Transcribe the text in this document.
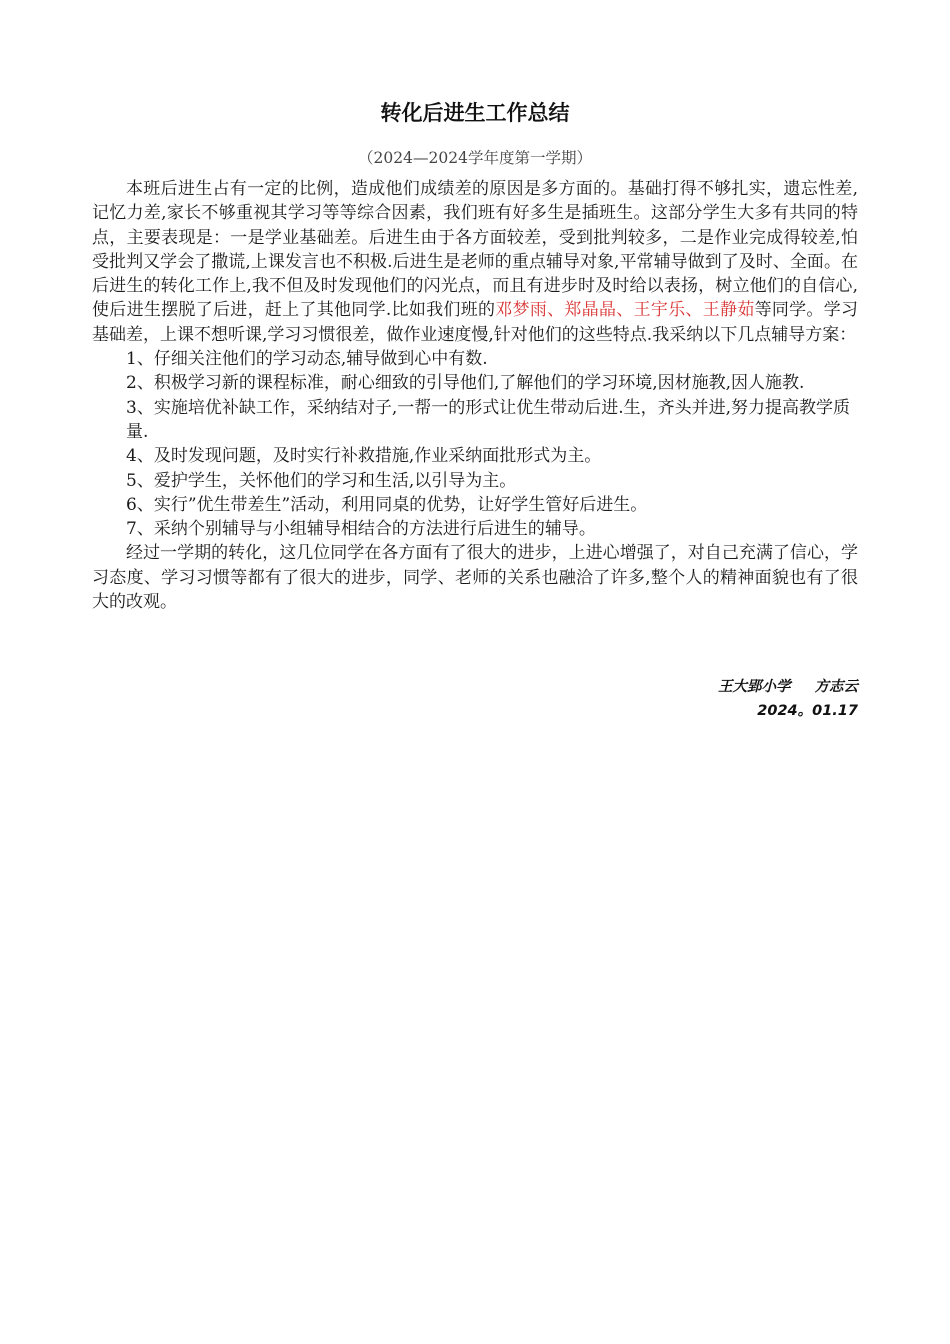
转化后进生工作总结
（2024—2024学年度第一学期）

本班后进生占有一定的比例，造成他们成绩差的原因是多方面的。基础打得不够扎实，遗忘性差,记忆力差,家长不够重视其学习等等综合因素，我们班有好多生是插班生。这部分学生大多有共同的特点，主要表现是：一是学业基础差。后进生由于各方面较差，受到批判较多，二是作业完成得较差,怕受批判又学会了撒谎,上课发言也不积极.后进生是老师的重点辅导对象,平常辅导做到了及时、全面。在后进生的转化工作上,我不但及时发现他们的闪光点，而且有进步时及时给以表扬，树立他们的自信心,使后进生摆脱了后进，赶上了其他同学.比如我们班的邓梦雨、郑晶晶、王宇乐、王静茹等同学。学习基础差，上课不想听课,学习习惯很差，做作业速度慢,针对他们的这些特点.我采纳以下几点辅导方案：

1、仔细关注他们的学习动态,辅导做到心中有数.

2、积极学习新的课程标准，耐心细致的引导他们,了解他们的学习环境,因材施教,因人施教.

3、实施培优补缺工作，采纳结对子,一帮一的形式让优生带动后进.生，齐头并进,努力提高教学质量.

4、及时发现问题，及时实行补救措施,作业采纳面批形式为主。

5、爱护学生，关怀他们的学习和生活,以引导为主。

6、实行”优生带差生”活动，利用同桌的优势，让好学生管好后进生。

7、采纳个别辅导与小组辅导相结合的方法进行后进生的辅导。

经过一学期的转化，这几位同学在各方面有了很大的进步，上进心增强了，对自己充满了信心，学习态度、学习习惯等都有了很大的进步，同学、老师的关系也融洽了许多,整个人的精神面貌也有了很大的改观。

王大郢小学 方志云
2024。01.17
